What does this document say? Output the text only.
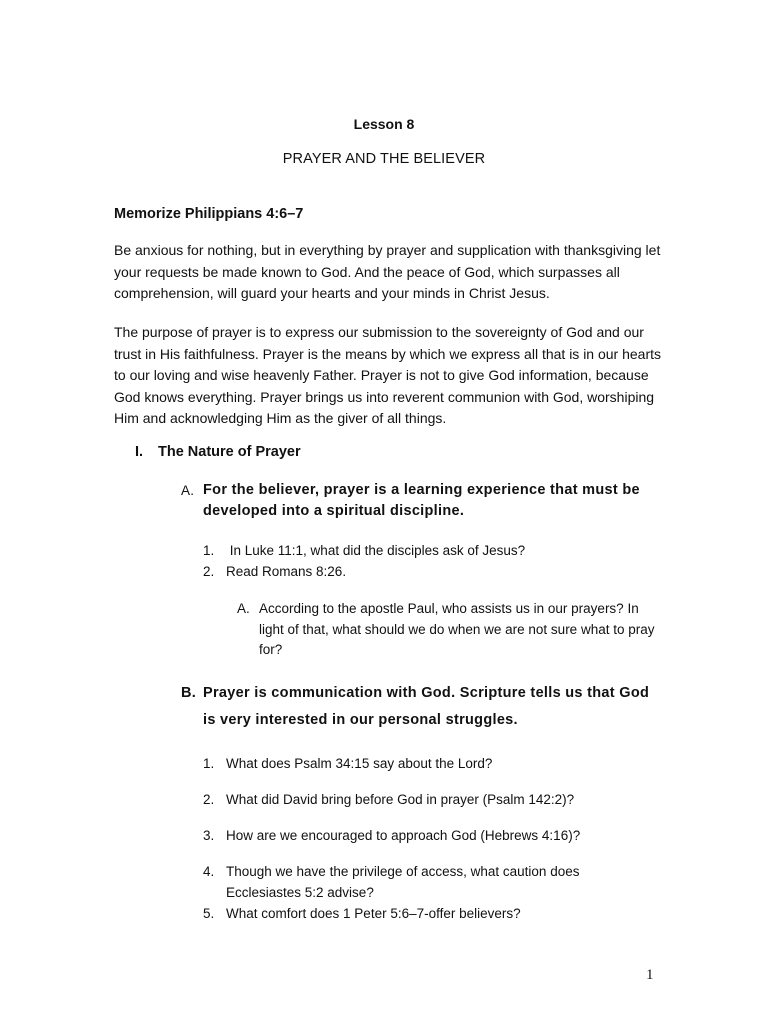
Lesson 8
PRAYER AND THE BELIEVER
Memorize Philippians 4:6–7

Be anxious for nothing, but in everything by prayer and supplication with thanksgiving let your requests be made known to God. And the peace of God, which surpasses all comprehension, will guard your hearts and your minds in Christ Jesus.

The purpose of prayer is to express our submission to the sovereignty of God and our trust in His faithfulness. Prayer is the means by which we express all that is in our hearts to our loving and wise heavenly Father. Prayer is not to give God information, because God knows everything. Prayer brings us into reverent communion with God, worshiping Him and acknowledging Him as the giver of all things.

I. The Nature of Prayer
A. For the believer, prayer is a learning experience that must be developed into a spiritual discipline.
1. In Luke 11:1, what did the disciples ask of Jesus?
2. Read Romans 8:26.
A. According to the apostle Paul, who assists us in our prayers? In light of that, what should we do when we are not sure what to pray for?
B. Prayer is communication with God. Scripture tells us that God is very interested in our personal struggles.
1. What does Psalm 34:15 say about the Lord?
2. What did David bring before God in prayer (Psalm 142:2)?
3. How are we encouraged to approach God (Hebrews 4:16)?
4. Though we have the privilege of access, what caution does Ecclesiastes 5:2 advise?
5. What comfort does 1 Peter 5:6–7-offer believers?
1
